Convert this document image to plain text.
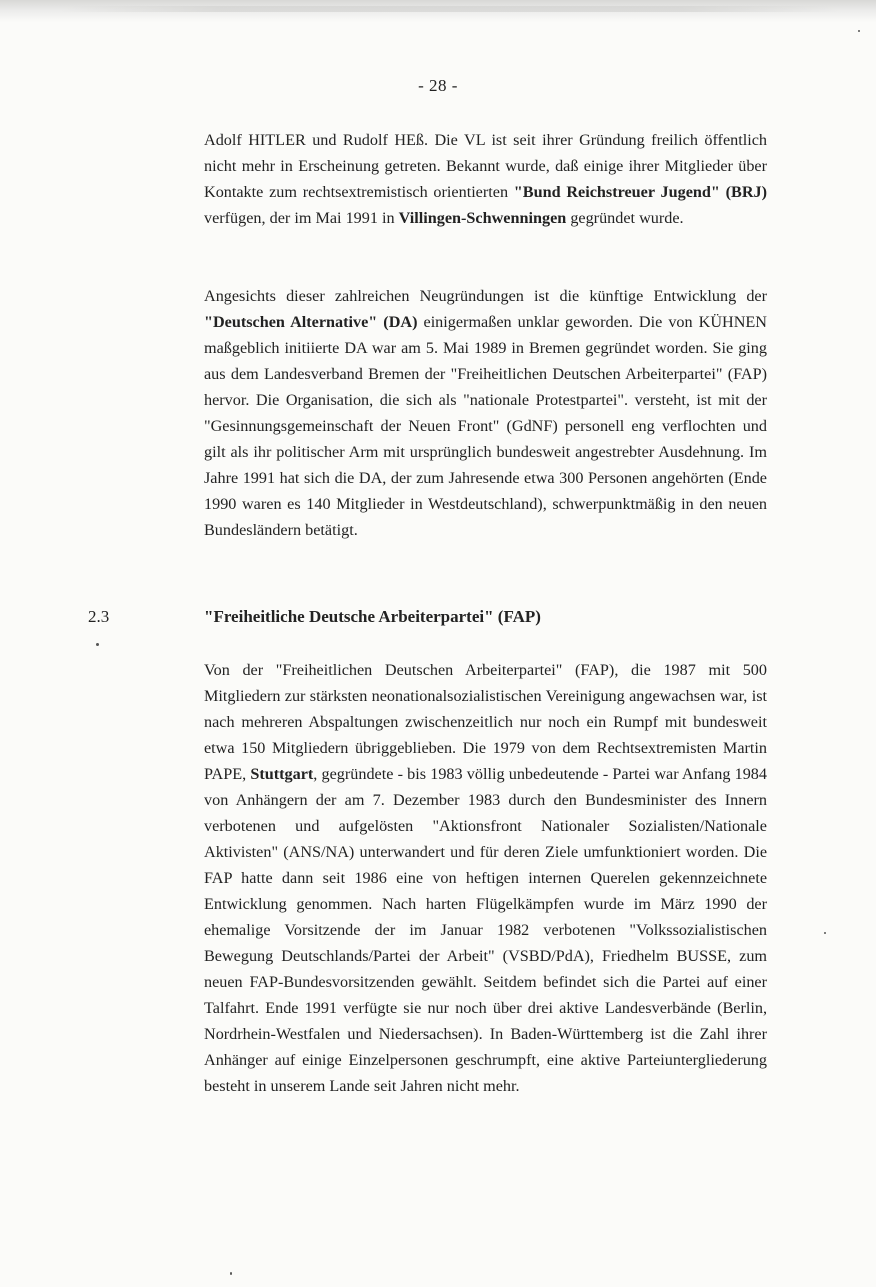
- 28 -

Adolf HITLER und Rudolf HEß. Die VL ist seit ihrer Gründung freilich öffentlich nicht mehr in Erscheinung getreten. Bekannt wurde, daß einige ihrer Mitglieder über Kontakte zum rechtsextremistisch orientierten "Bund Reichstreuer Jugend" (BRJ) verfügen, der im Mai 1991 in Villingen-Schwenningen gegründet wurde.

Angesichts dieser zahlreichen Neugründungen ist die künftige Entwicklung der "Deutschen Alternative" (DA) einigermaßen unklar geworden. Die von KÜHNEN maßgeblich initiierte DA war am 5. Mai 1989 in Bremen gegründet worden. Sie ging aus dem Landesverband Bremen der "Freiheitlichen Deutschen Arbeiterpartei" (FAP) hervor. Die Organisation, die sich als "nationale Protestpartei". versteht, ist mit der "Gesinnungsgemeinschaft der Neuen Front" (GdNF) personell eng verflochten und gilt als ihr politischer Arm mit ursprünglich bundesweit angestrebter Ausdehnung. Im Jahre 1991 hat sich die DA, der zum Jahresende etwa 300 Personen angehörten (Ende 1990 waren es 140 Mitglieder in Westdeutschland), schwerpunktmäßig in den neuen Bundesländern betätigt.

2.3	"Freiheitliche Deutsche Arbeiterpartei" (FAP)

Von der "Freiheitlichen Deutschen Arbeiterpartei" (FAP), die 1987 mit 500 Mitgliedern zur stärksten neonationalsozialistischen Vereinigung angewachsen war, ist nach mehreren Abspaltungen zwischenzeitlich nur noch ein Rumpf mit bundesweit etwa 150 Mitgliedern übriggeblieben. Die 1979 von dem Rechtsextremisten Martin PAPE, Stuttgart, gegründete - bis 1983 völlig unbedeutende - Partei war Anfang 1984 von Anhängern der am 7. Dezember 1983 durch den Bundesminister des Innern verbotenen und aufgelösten "Aktionsfront Nationaler Sozialisten/Nationale Aktivisten" (ANS/NA) unterwandert und für deren Ziele umfunktioniert worden. Die FAP hatte dann seit 1986 eine von heftigen internen Querelen gekennzeichnete Entwicklung genommen. Nach harten Flügelkämpfen wurde im März 1990 der ehemalige Vorsitzende der im Januar 1982 verbotenen "Volkssozialistischen Bewegung Deutschlands/Partei der Arbeit" (VSBD/PdA), Friedhelm BUSSE, zum neuen FAP-Bundesvorsitzenden gewählt. Seitdem befindet sich die Partei auf einer Talfahrt. Ende 1991 verfügte sie nur noch über drei aktive Landesverbände (Berlin, Nordrhein-Westfalen und Niedersachsen). In Baden-Württemberg ist die Zahl ihrer Anhänger auf einige Einzelpersonen geschrumpft, eine aktive Parteiuntergliederung besteht in unserem Lande seit Jahren nicht mehr.
